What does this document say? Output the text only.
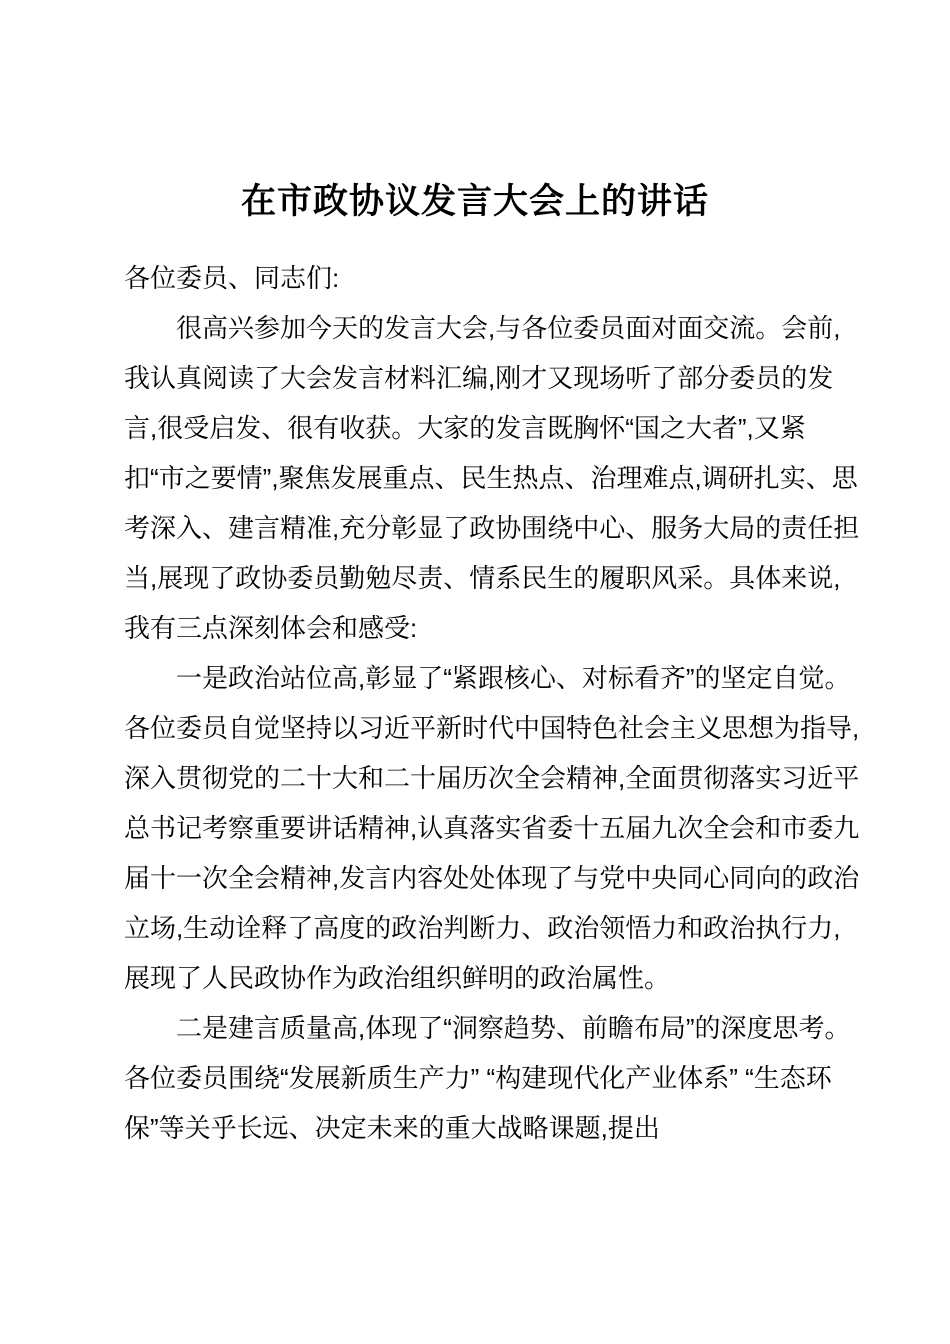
在市政协议发言大会上的讲话

各位委员、同志们:

很高兴参加今天的发言大会,与各位委员面对面交流。会前,我认真阅读了大会发言材料汇编,刚才又现场听了部分委员的发言,很受启发、很有收获。大家的发言既胸怀“国之大者”,又紧扣“市之要情”,聚焦发展重点、民生热点、治理难点,调研扎实、思考深入、建言精准,充分彰显了政协围绕中心、服务大局的责任担当,展现了政协委员勤勉尽责、情系民生的履职风采。具体来说,我有三点深刻体会和感受:

一是政治站位高,彰显了“紧跟核心、对标看齐”的坚定自觉。各位委员自觉坚持以习近平新时代中国特色社会主义思想为指导,深入贯彻党的二十大和二十届历次全会精神,全面贯彻落实习近平总书记考察重要讲话精神,认真落实省委十五届九次全会和市委九届十一次全会精神,发言内容处处体现了与党中央同心同向的政治立场,生动诠释了高度的政治判断力、政治领悟力和政治执行力,展现了人民政协作为政治组织鲜明的政治属性。

二是建言质量高,体现了“洞察趋势、前瞻布局”的深度思考。各位委员围绕“发展新质生产力” “构建现代化产业体系” “生态环保”等关乎长远、决定未来的重大战略课题,提出
